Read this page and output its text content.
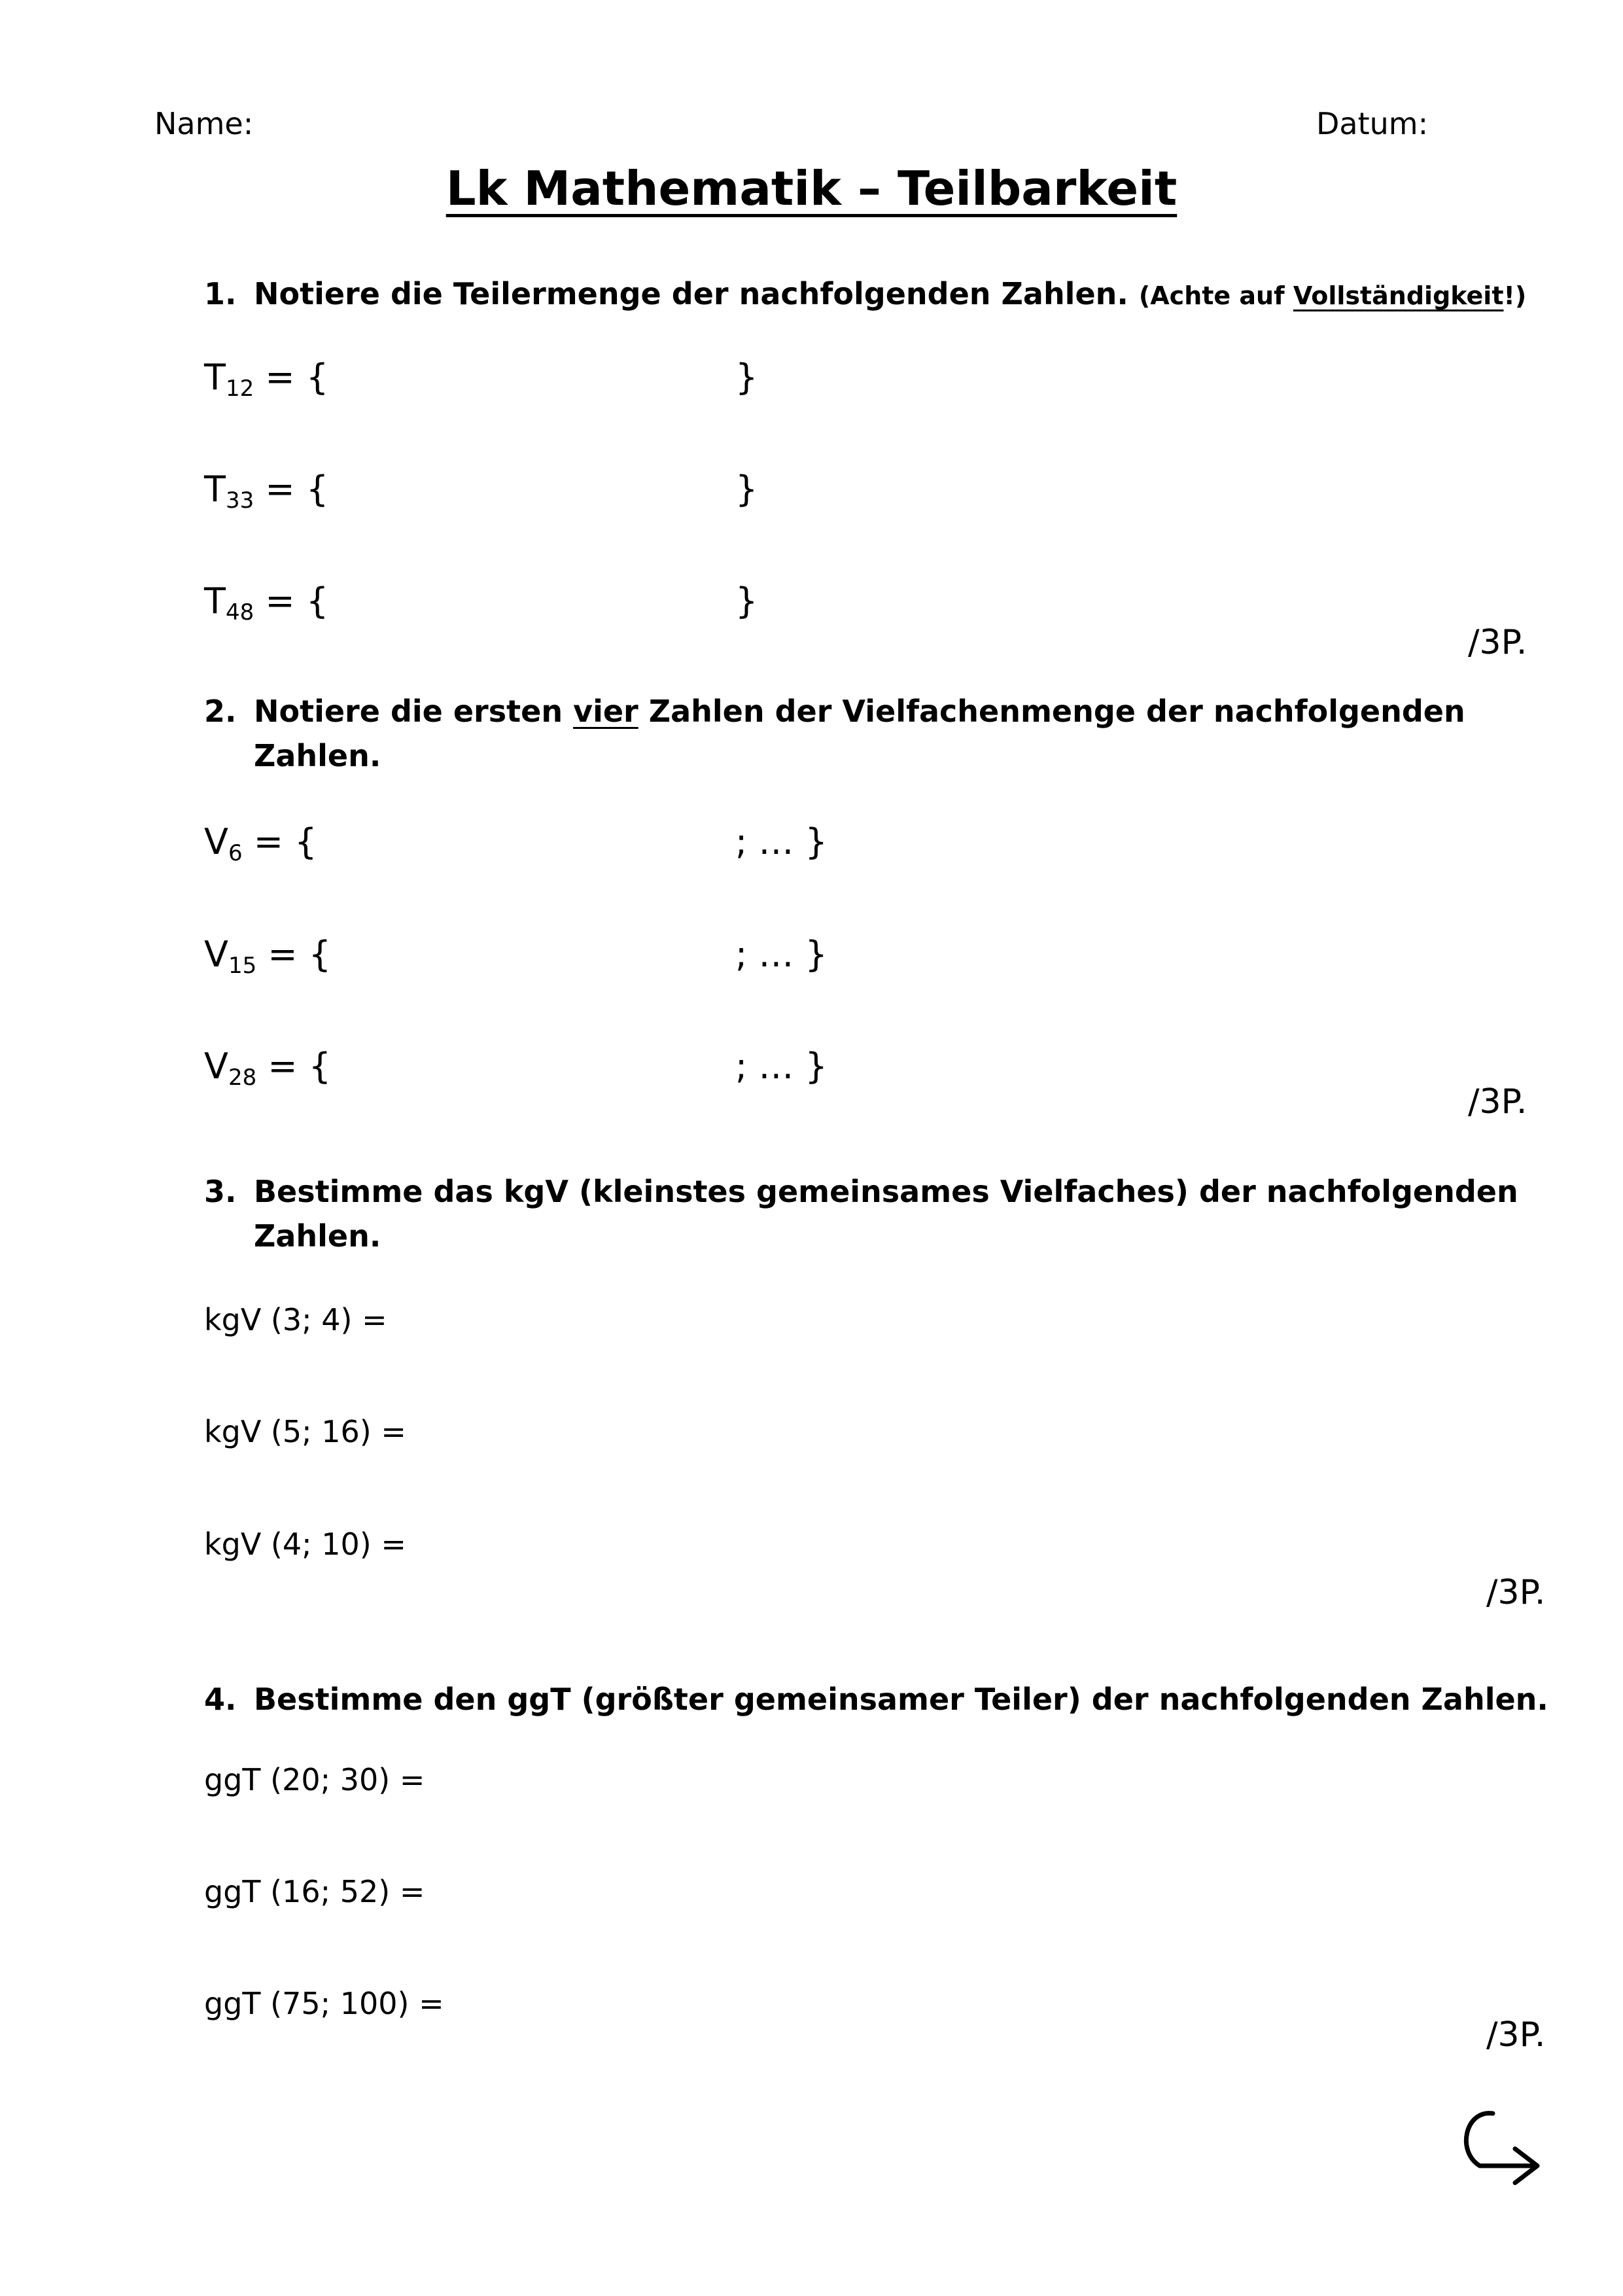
Name:	Datum:
Lk Mathematik – Teilbarkeit
1. Notiere die Teilermenge der nachfolgenden Zahlen. (Achte auf Vollständigkeit!)
$T_{12}$ = {	}
$T_{33}$ = {	}
$T_{48}$ = {	}
/3P.
2. Notiere die ersten vier Zahlen der Vielfachenmenge der nachfolgenden
Zahlen.
$V_6$ = {	; … }
$V_{15}$ = {	; … }
$V_{28}$ = {	; … }
/3P.
3. Bestimme das kgV (kleinstes gemeinsames Vielfaches) der nachfolgenden
Zahlen.
kgV (3; 4) =
kgV (5; 16) =
kgV (4; 10) =
/3P.
4. Bestimme den ggT (größter gemeinsamer Teiler) der nachfolgenden Zahlen.
ggT (20; 30) =
ggT (16; 52) =
ggT (75; 100) =
/3P.
